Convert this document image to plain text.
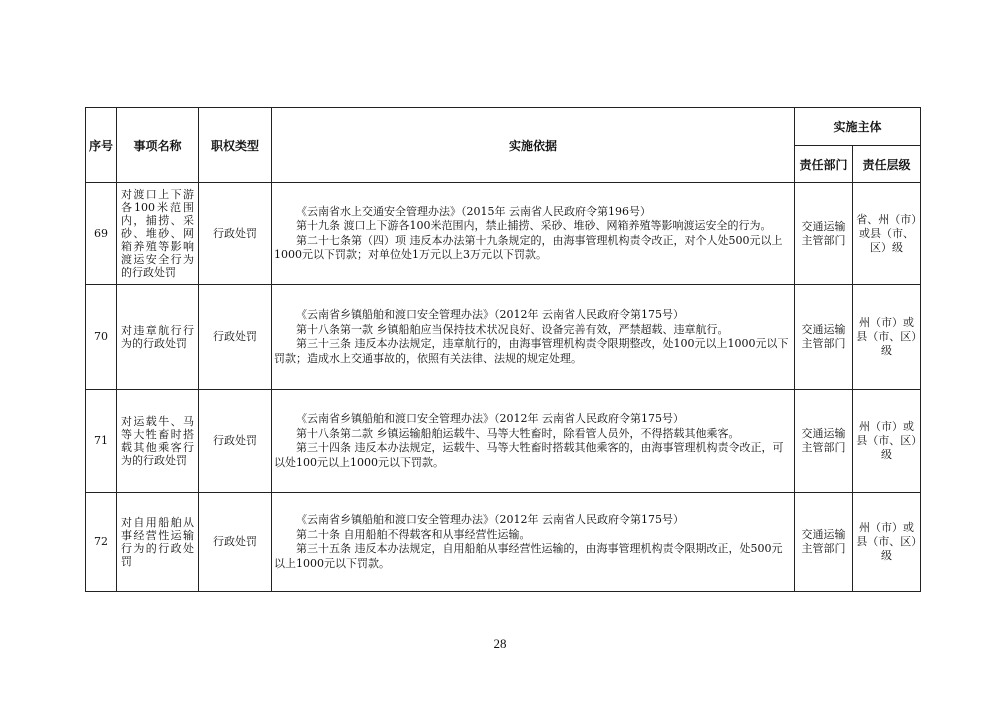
序号	事项名称	职权类型	实施依据	实施主体	
				责任部门	责任层级
69	对渡口上下游各100米范围内，捕捞、采砂、堆砂、网箱养殖等影响渡运安全行为的行政处罚	行政处罚	《云南省水上交通安全管理办法》（2015年 云南省人民政府令第196号）
第十九条 渡口上下游各100米范围内，禁止捕捞、采砂、堆砂、网箱养殖等影响渡运安全的行为。
第二十七条第（四）项 违反本办法第十九条规定的，由海事管理机构责令改正，对个人处500元以上1000元以下罚款；对单位处1万元以上3万元以下罚款。	交通运输主管部门	省、州（市）或县（市、区）级
70	对违章航行行为的行政处罚	行政处罚	《云南省乡镇船舶和渡口安全管理办法》（2012年 云南省人民政府令第175号）
第十八条第一款 乡镇船舶应当保持技术状况良好、设备完善有效，严禁超载、违章航行。
第三十三条 违反本办法规定，违章航行的，由海事管理机构责令限期整改，处100元以上1000元以下罚款；造成水上交通事故的，依照有关法律、法规的规定处理。	交通运输主管部门	州（市）或县（市、区）级
71	对运载牛、马等大牲畜时搭载其他乘客行为的行政处罚	行政处罚	《云南省乡镇船舶和渡口安全管理办法》（2012年 云南省人民政府令第175号）
第十八条第二款 乡镇运输船舶运载牛、马等大牲畜时，除看管人员外，不得搭载其他乘客。
第三十四条 违反本办法规定，运载牛、马等大牲畜时搭载其他乘客的，由海事管理机构责令改正，可以处100元以上1000元以下罚款。	交通运输主管部门	州（市）或县（市、区）级
72	对自用船舶从事经营性运输行为的行政处罚	行政处罚	《云南省乡镇船舶和渡口安全管理办法》（2012年 云南省人民政府令第175号）
第二十条 自用船舶不得载客和从事经营性运输。
第三十五条 违反本办法规定，自用船舶从事经营性运输的，由海事管理机构责令限期改正，处500元以上1000元以下罚款。	交通运输主管部门	州（市）或县（市、区）级
28
